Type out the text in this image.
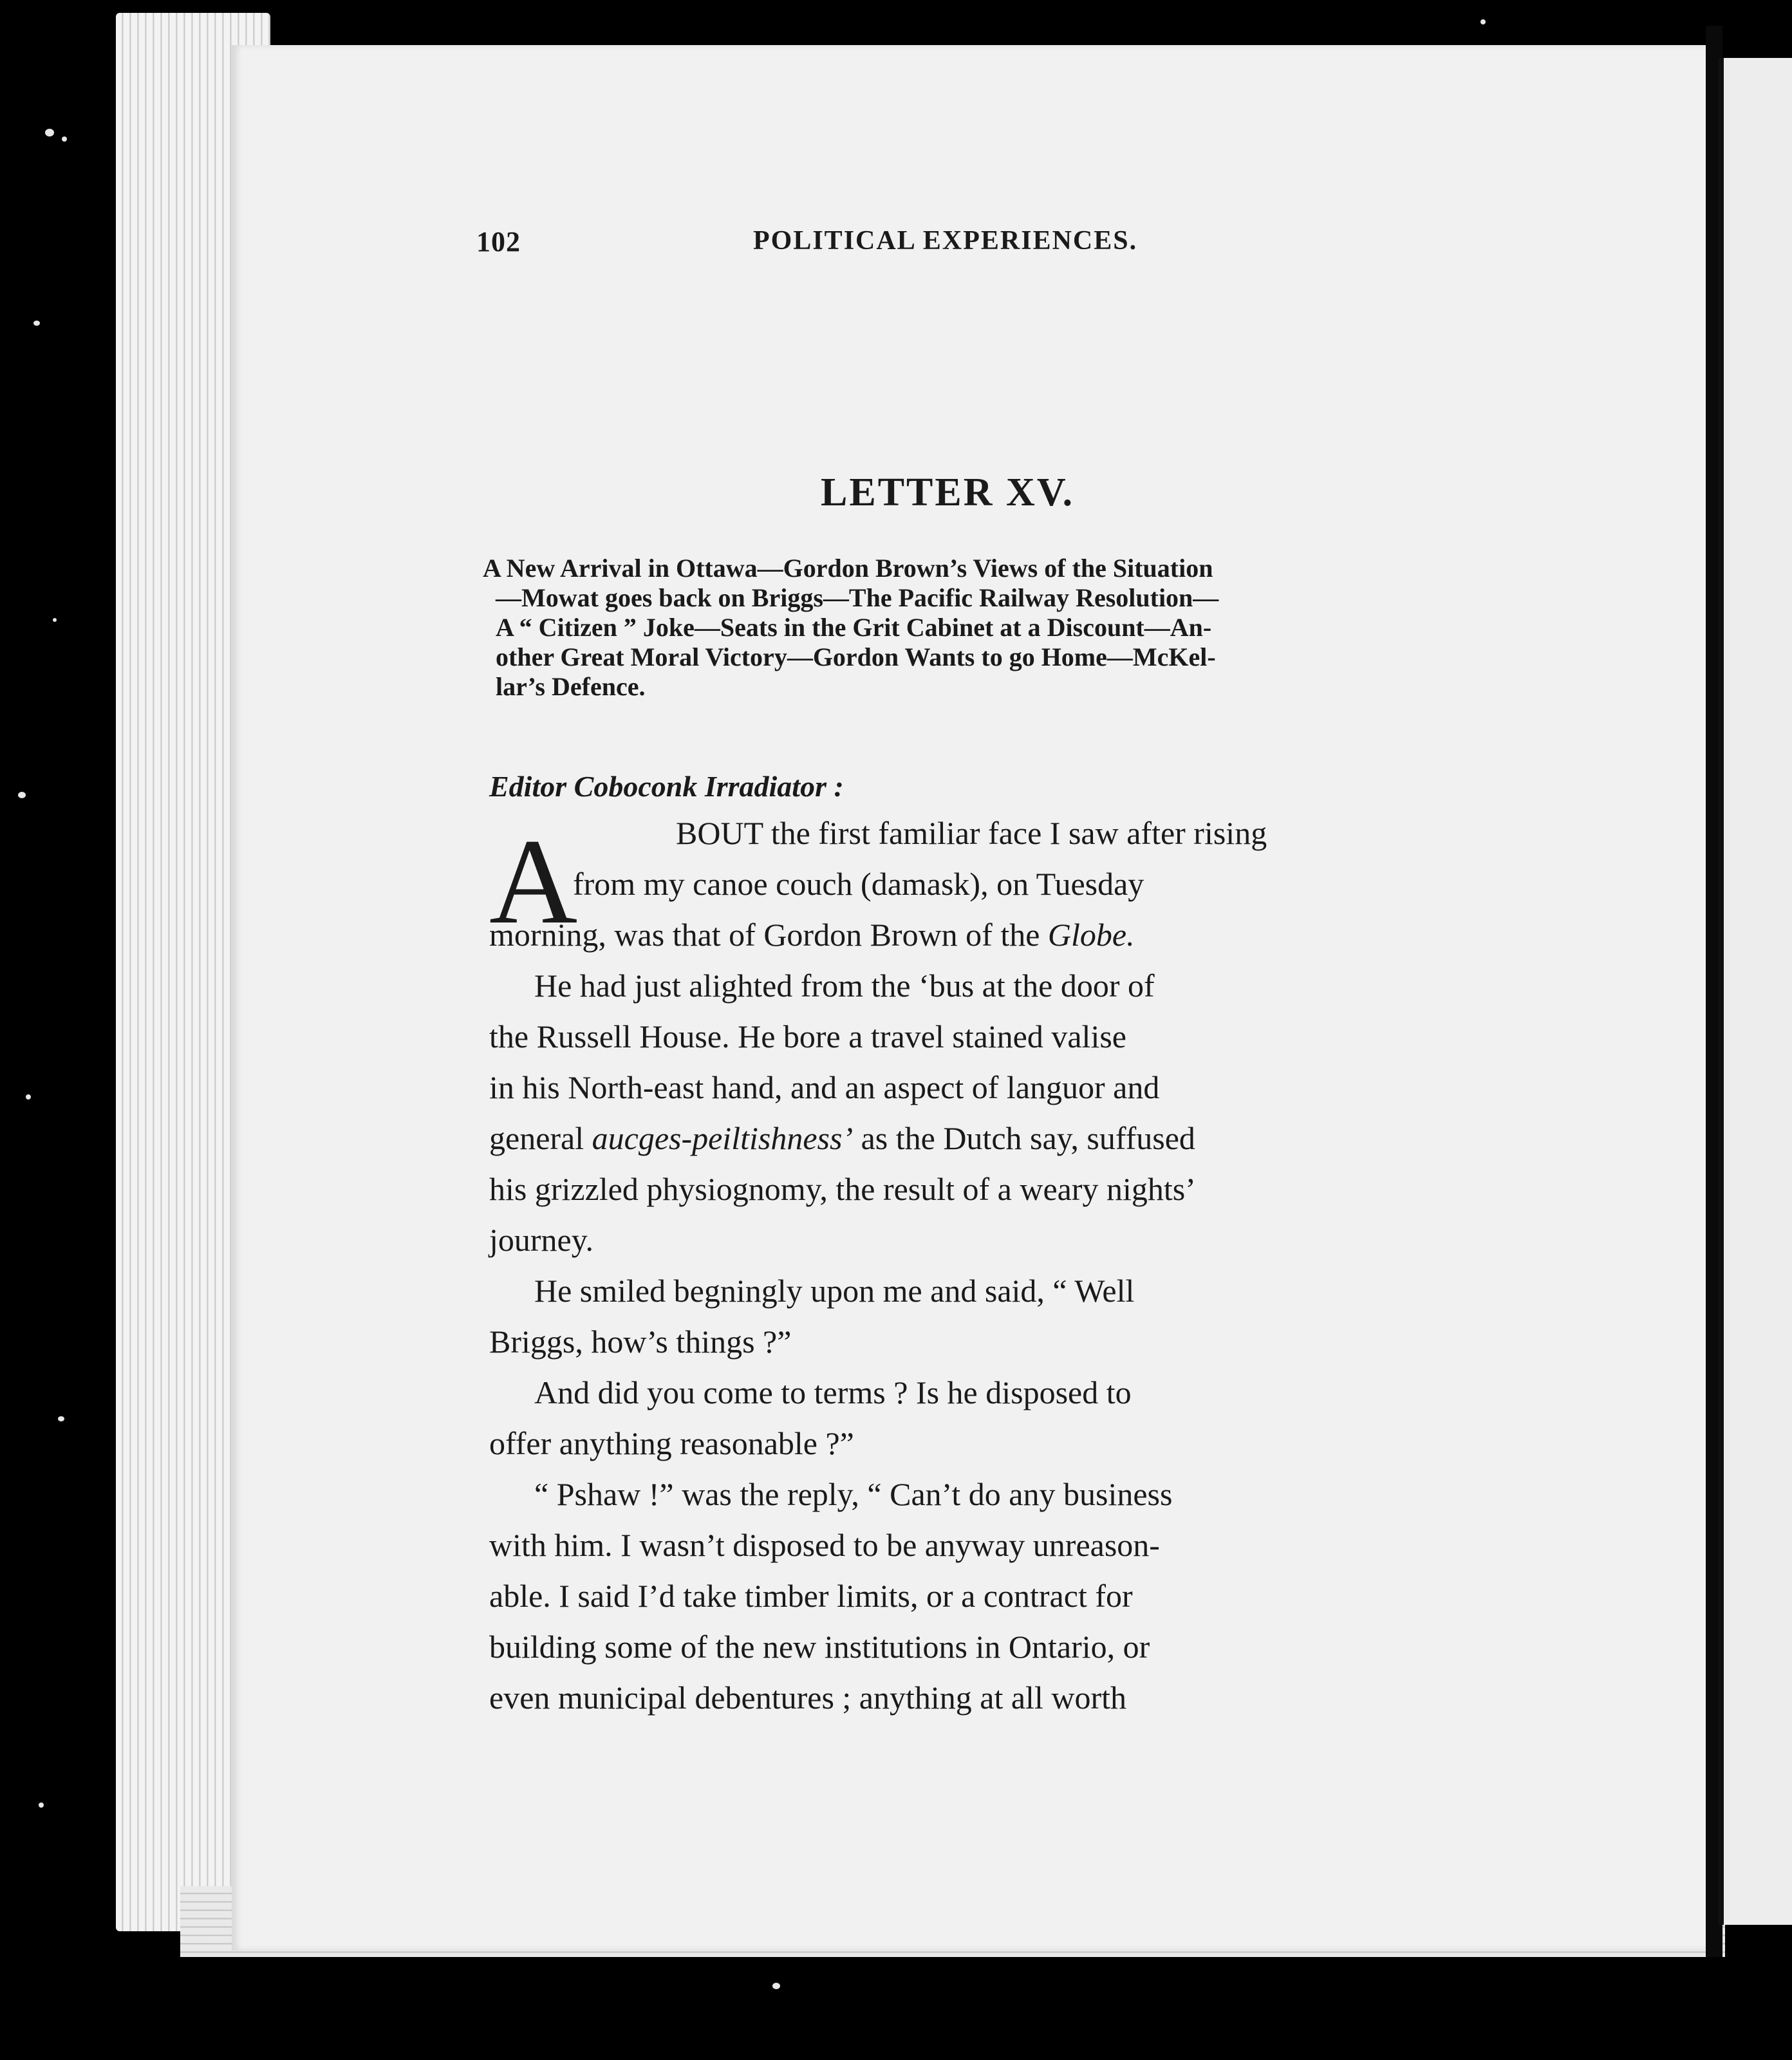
102	POLITICAL EXPERIENCES.
LETTER XV.
A New Arrival in Ottawa—Gordon Brown’s Views of the Situation
—Mowat goes back on Briggs—The Pacific Railway Resolution—
A “ Citizen ” Joke—Seats in the Grit Cabinet at a Discount—An-
other Great Moral Victory—Gordon Wants to go Home—McKel-
lar’s Defence.
Editor Coboconk Irradiator :
A	BOUT the first familiar face I saw after rising
from my canoe couch (damask), on Tuesday
morning, was that of Gordon Brown of the Globe.
He had just alighted from the ‘bus at the door of
the Russell House. He bore a travel stained valise
in his North-east hand, and an aspect of languor and
general aucges-peiltishness’ as the Dutch say, suffused
his grizzled physiognomy, the result of a weary nights’
journey.
He smiled begningly upon me and said, “ Well
Briggs, how’s things ?”
And did you come to terms ? Is he disposed to
offer anything reasonable ?”
“ Pshaw !” was the reply, “ Can’t do any business
with him. I wasn’t disposed to be anyway unreason-
able. I said I’d take timber limits, or a contract for
building some of the new institutions in Ontario, or
even municipal debentures ; anything at all worth
